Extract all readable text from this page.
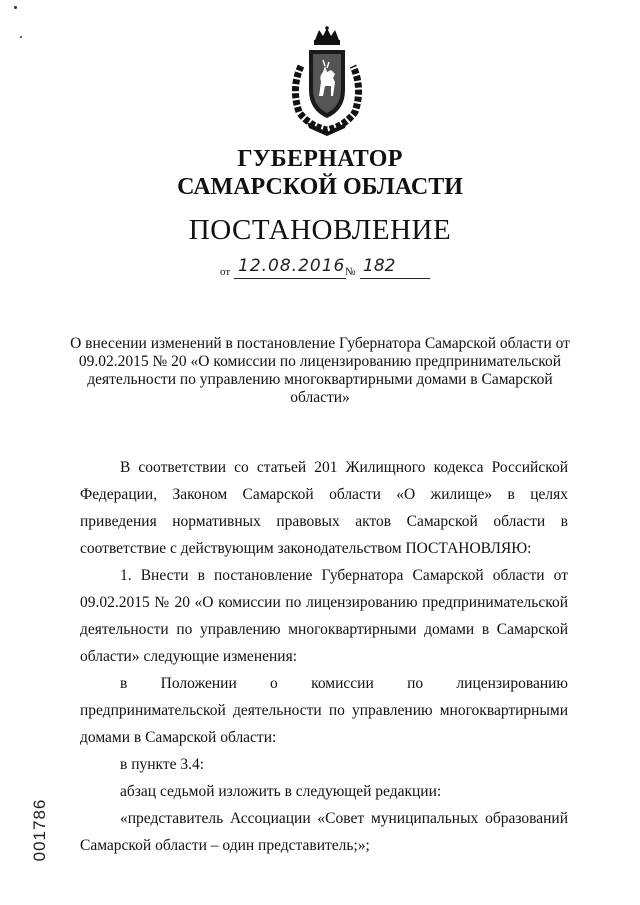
ГУБЕРНАТОР
САМАРСКОЙ ОБЛАСТИ
ПОСТАНОВЛЕНИЕ
от 12.08.2016 № 182
О внесении изменений в постановление Губернатора Самарской области от 09.02.2015 № 20 «О комиссии по лицензированию предпринимательской деятельности по управлению многоквартирными домами в Самарской области»

В соответствии со статьей 201 Жилищного кодекса Российской Федерации, Законом Самарской области «О жилище» в целях приведения нормативных правовых актов Самарской области в соответствие с действующим законодательством ПОСТАНОВЛЯЮ:

1. Внести в постановление Губернатора Самарской области от 09.02.2015 № 20 «О комиссии по лицензированию предпринимательской деятельности по управлению многоквартирными домами в Самарской области» следующие изменения:

в Положении о комиссии по лицензированию предпринимательской деятельности по управлению многоквартирными домами в Самарской области:

в пункте 3.4:

абзац седьмой изложить в следующей редакции:

«представитель Ассоциации «Совет муниципальных образований Самарской области – один представитель;»;

001786
